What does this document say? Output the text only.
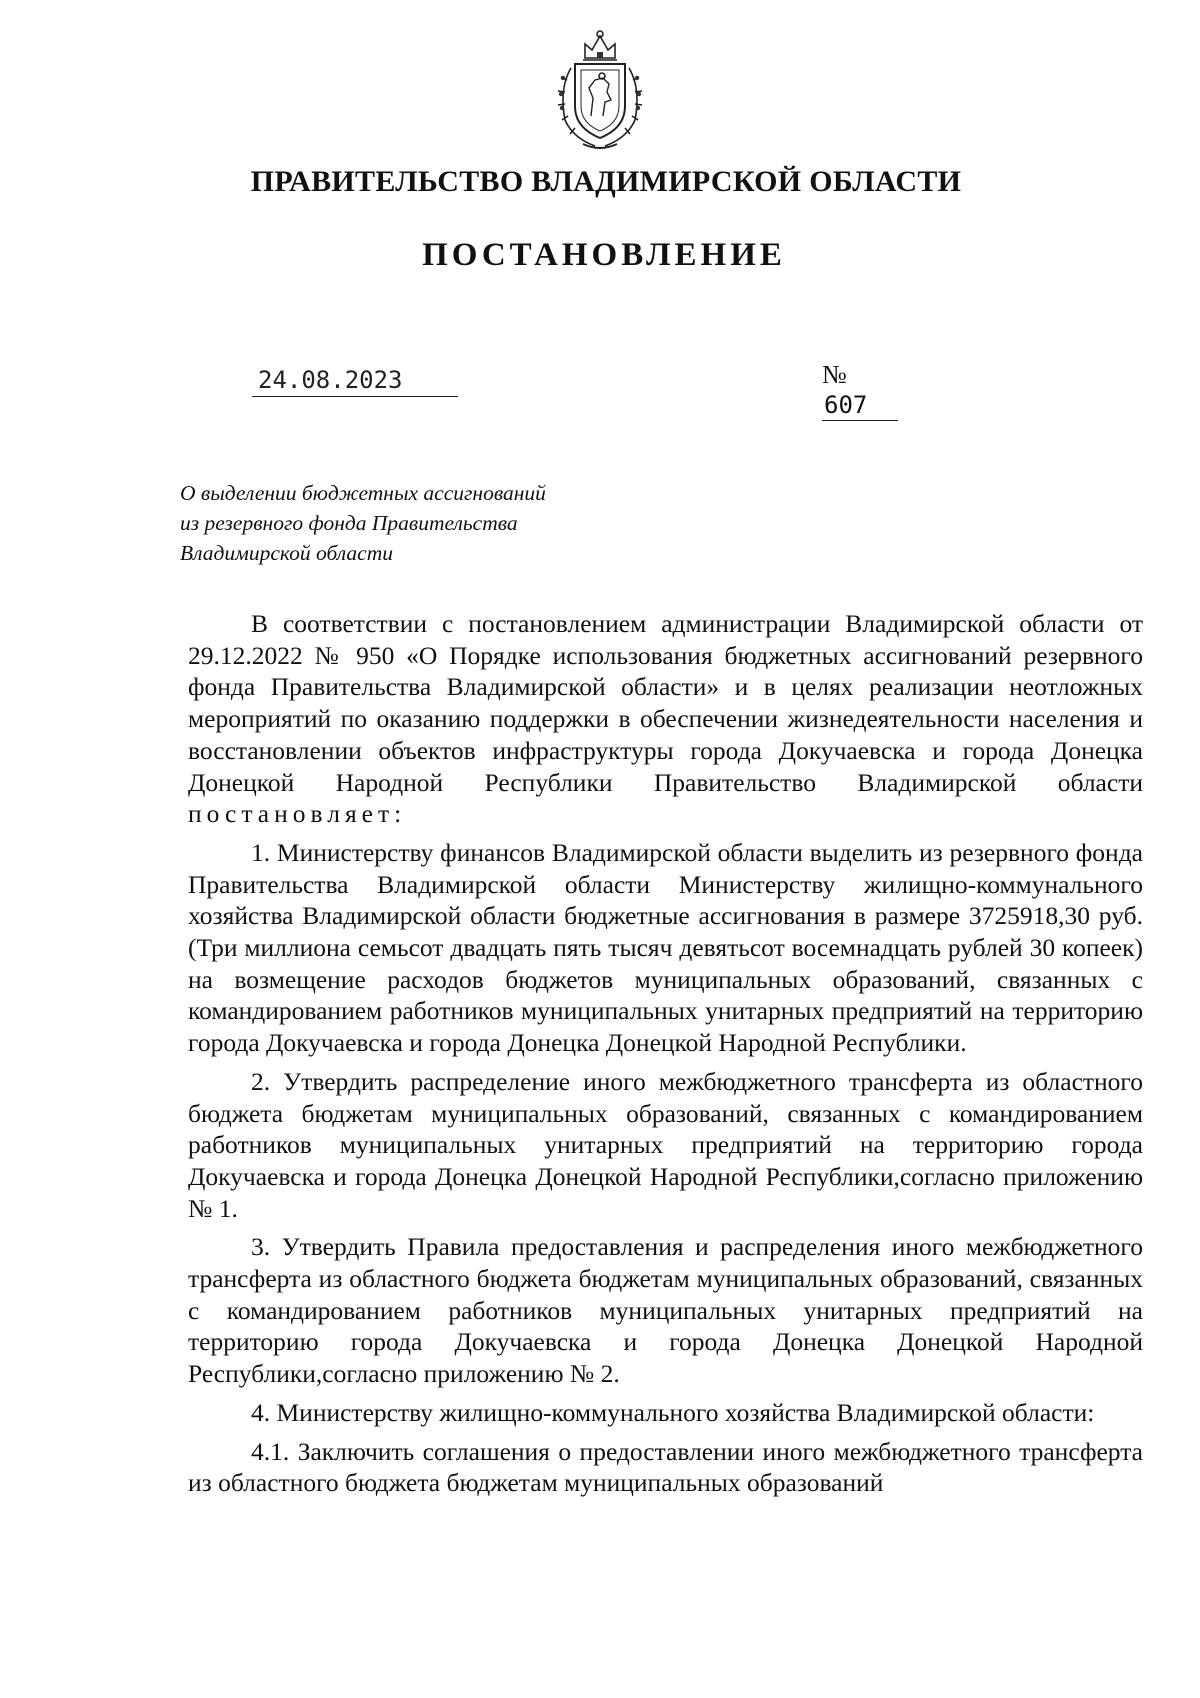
ПРАВИТЕЛЬСТВО ВЛАДИМИРСКОЙ ОБЛАСТИ
ПОСТАНОВЛЕНИЕ
24.08.2023	№ 607
О выделении бюджетных ассигнований
из резервного фонда Правительства
Владимирской области

В соответствии с постановлением администрации Владимирской области от 29.12.2022 № 950 «О Порядке использования бюджетных ассигнований резервного фонда Правительства Владимирской области» и в целях реализации неотложных мероприятий по оказанию поддержки в обеспечении жизнедеятельности населения и восстановлении объектов инфраструктуры города Докучаевска и города Донецка Донецкой Народной Республики Правительство Владимирской области постановляет:

1. Министерству финансов Владимирской области выделить из резервного фонда Правительства Владимирской области Министерству жилищно-коммунального хозяйства Владимирской области бюджетные ассигнования в размере 3725918,30 руб. (Три миллиона семьсот двадцать пять тысяч девятьсот восемнадцать рублей 30 копеек) на возмещение расходов бюджетов муниципальных образований, связанных с командированием работников муниципальных унитарных предприятий на территорию города Докучаевска и города Донецка Донецкой Народной Республики.

2. Утвердить распределение иного межбюджетного трансферта из областного бюджета бюджетам муниципальных образований, связанных с командированием работников муниципальных унитарных предприятий на территорию города Докучаевска и города Донецка Донецкой Народной Республики,согласно приложению № 1.

3. Утвердить Правила предоставления и распределения иного межбюджетного трансферта из областного бюджета бюджетам муниципальных образований, связанных с командированием работников муниципальных унитарных предприятий на территорию города Докучаевска и города Донецка Донецкой Народной Республики,согласно приложению № 2.

4. Министерству жилищно-коммунального хозяйства Владимирской области:

4.1. Заключить соглашения о предоставлении иного межбюджетного трансферта из областного бюджета бюджетам муниципальных образований
